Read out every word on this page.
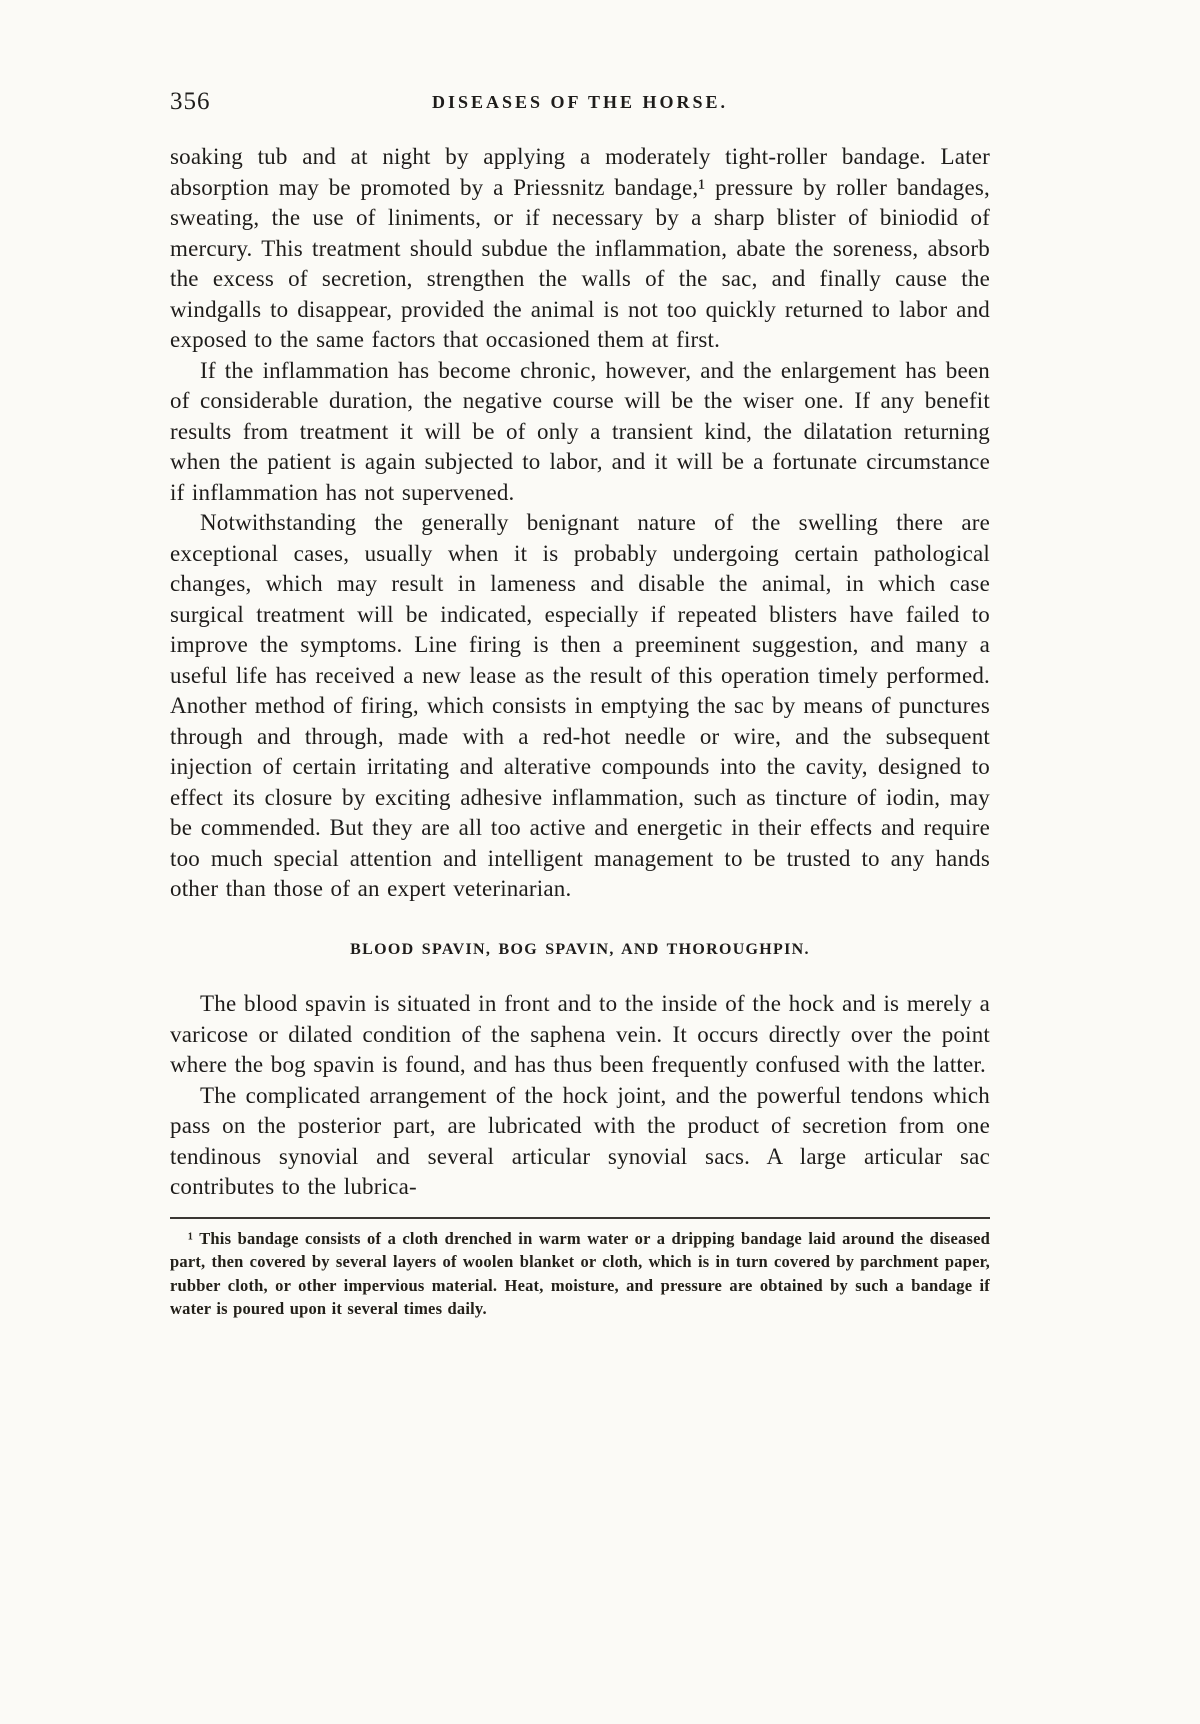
356	DISEASES OF THE HORSE.

soaking tub and at night by applying a moderately tight-roller bandage. Later absorption may be promoted by a Priessnitz bandage,¹ pressure by roller bandages, sweating, the use of liniments, or if necessary by a sharp blister of biniodid of mercury. This treatment should subdue the inflammation, abate the soreness, absorb the excess of secretion, strengthen the walls of the sac, and finally cause the windgalls to disappear, provided the animal is not too quickly returned to labor and exposed to the same factors that occasioned them at first.

If the inflammation has become chronic, however, and the enlargement has been of considerable duration, the negative course will be the wiser one. If any benefit results from treatment it will be of only a transient kind, the dilatation returning when the patient is again subjected to labor, and it will be a fortunate circumstance if inflammation has not supervened.

Notwithstanding the generally benignant nature of the swelling there are exceptional cases, usually when it is probably undergoing certain pathological changes, which may result in lameness and disable the animal, in which case surgical treatment will be indicated, especially if repeated blisters have failed to improve the symptoms. Line firing is then a preeminent suggestion, and many a useful life has received a new lease as the result of this operation timely performed. Another method of firing, which consists in emptying the sac by means of punctures through and through, made with a red-hot needle or wire, and the subsequent injection of certain irritating and alterative compounds into the cavity, designed to effect its closure by exciting adhesive inflammation, such as tincture of iodin, may be commended. But they are all too active and energetic in their effects and require too much special attention and intelligent management to be trusted to any hands other than those of an expert veterinarian.

BLOOD SPAVIN, BOG SPAVIN, AND THOROUGHPIN.

The blood spavin is situated in front and to the inside of the hock and is merely a varicose or dilated condition of the saphena vein. It occurs directly over the point where the bog spavin is found, and has thus been frequently confused with the latter.

The complicated arrangement of the hock joint, and the powerful tendons which pass on the posterior part, are lubricated with the product of secretion from one tendinous synovial and several articular synovial sacs. A large articular sac contributes to the lubrica-

¹ This bandage consists of a cloth drenched in warm water or a dripping bandage laid around the diseased part, then covered by several layers of woolen blanket or cloth, which is in turn covered by parchment paper, rubber cloth, or other impervious material. Heat, moisture, and pressure are obtained by such a bandage if water is poured upon it several times daily.
